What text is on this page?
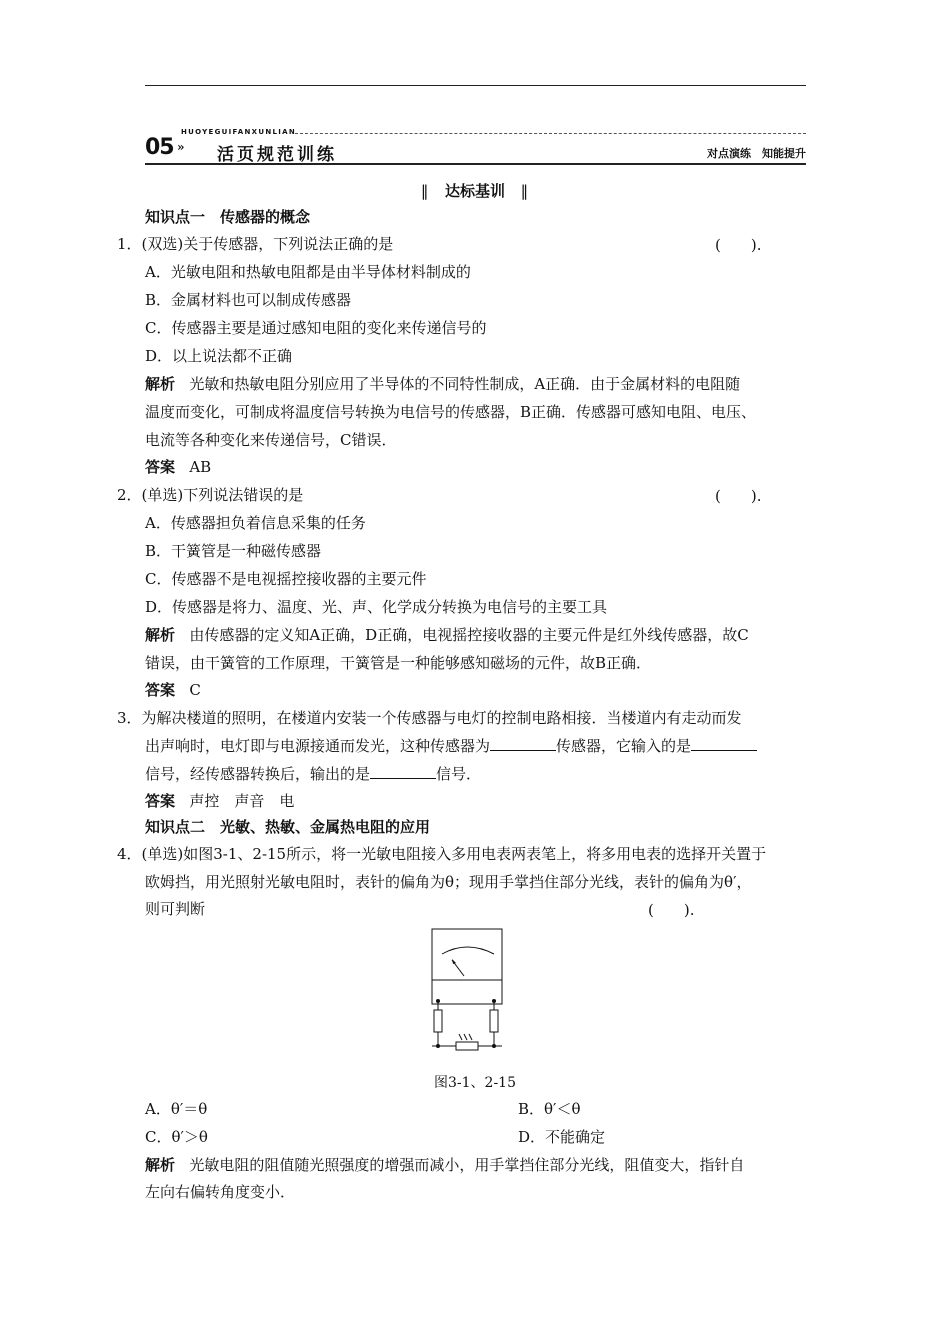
HUOYEGUIFANXUNLIAN
05 » 活页规范训练	对点演练　知能提升
‖ 达标基训 ‖
知识点一　传感器的概念
1．(双选)关于传感器，下列说法正确的是	(　　).
A．光敏电阻和热敏电阻都是由半导体材料制成的
B．金属材料也可以制成传感器
C．传感器主要是通过感知电阻的变化来传递信号的
D．以上说法都不正确
解析 光敏和热敏电阻分别应用了半导体的不同特性制成，A正确．由于金属材料的电阻随
温度而变化，可制成将温度信号转换为电信号的传感器，B正确．传感器可感知电阻、电压、
电流等各种变化来传递信号，C错误．
答案 AB
2．(单选)下列说法错误的是	(　　).
A．传感器担负着信息采集的任务
B．干簧管是一种磁传感器
C．传感器不是电视摇控接收器的主要元件
D．传感器是将力、温度、光、声、化学成分转换为电信号的主要工具
解析 由传感器的定义知A正确，D正确，电视摇控接收器的主要元件是红外线传感器，故C
错误，由干簧管的工作原理，干簧管是一种能够感知磁场的元件，故B正确．
答案 C
3．为解决楼道的照明，在楼道内安装一个传感器与电灯的控制电路相接．当楼道内有走动而发
出声响时，电灯即与电源接通而发光，这种传感器为	传感器，它输入的是
信号，经传感器转换后，输出的是	信号．
答案 声控　声音　电
知识点二　光敏、热敏、金属热电阻的应用
4．(单选)如图3-1、2-15所示，将一光敏电阻接入多用电表两表笔上，将多用电表的选择开关置于
欧姆挡，用光照射光敏电阻时，表针的偏角为θ；现用手掌挡住部分光线，表针的偏角为θ′，
则可判断	(　　).
图3-1、2-15
A．θ′＝θ	B．θ′＜θ
C．θ′＞θ	D．不能确定
解析 光敏电阻的阻值随光照强度的增强而减小，用手掌挡住部分光线，阻值变大，指针自
左向右偏转角度变小．
